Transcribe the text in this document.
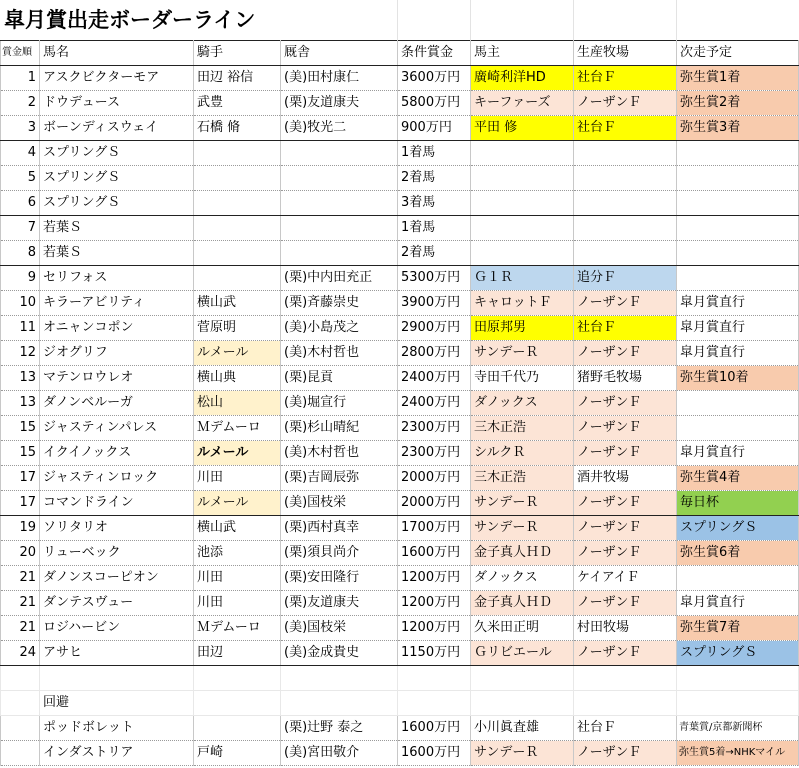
皐月賞出走ボーダーライン
賞金順	馬名	騎手	厩舎	条件賞金	馬主	生産牧場	次走予定
1	アスクビクターモア	田辺 裕信	(美)田村康仁	3600万円	廣崎利洋HD	社台Ｆ	弥生賞1着
2	ドウデュース	武豊	(栗)友道康夫	5800万円	キーファーズ	ノーザンＦ	弥生賞2着
3	ボーンディスウェイ	石橋 脩	(美)牧光二	900万円	平田 修	社台Ｆ	弥生賞3着
4	スプリングＳ			1着馬			
5	スプリングＳ			2着馬			
6	スプリングＳ			3着馬			
7	若葉Ｓ			1着馬			
8	若葉Ｓ			2着馬			
9	セリフォス		(栗)中内田充正	5300万円	Ｇ１Ｒ	追分Ｆ	
10	キラーアビリティ	横山武	(栗)斉藤崇史	3900万円	キャロットＦ	ノーザンＦ	皐月賞直行
11	オニャンコポン	菅原明	(美)小島茂之	2900万円	田原邦男	社台Ｆ	皐月賞直行
12	ジオグリフ	ルメール	(美)木村哲也	2800万円	サンデーＲ	ノーザンＦ	皐月賞直行
13	マテンロウレオ	横山典	(栗)昆貢	2400万円	寺田千代乃	猪野毛牧場	弥生賞10着
13	ダノンベルーガ	松山	(美)堀宣行	2400万円	ダノックス	ノーザンＦ	
15	ジャスティンパレス	Ｍデムーロ	(栗)杉山晴紀	2300万円	三木正浩	ノーザンＦ	
15	イクイノックス	ルメール	(美)木村哲也	2300万円	シルクＲ	ノーザンＦ	皐月賞直行
17	ジャスティンロック	川田	(栗)吉岡辰弥	2000万円	三木正浩	酒井牧場	弥生賞4着
17	コマンドライン	ルメール	(美)国枝栄	2000万円	サンデーＲ	ノーザンＦ	毎日杯
19	ソリタリオ	横山武	(栗)西村真幸	1700万円	サンデーＲ	ノーザンＦ	スプリングＳ
20	リューベック	池添	(栗)須貝尚介	1600万円	金子真人ＨＤ	ノーザンＦ	弥生賞6着
21	ダノンスコーピオン	川田	(栗)安田隆行	1200万円	ダノックス	ケイアイＦ	
21	ダンテスヴュー	川田	(栗)友道康夫	1200万円	金子真人ＨＤ	ノーザンＦ	皐月賞直行
21	ロジハービン	Ｍデムーロ	(美)国枝栄	1200万円	久米田正明	村田牧場	弥生賞7着
24	アサヒ	田辺	(美)金成貴史	1150万円	Ｇリビエール	ノーザンＦ	スプリングＳ

	回避						
	ポッドボレット		(栗)辻野 泰之	1600万円	小川眞査雄	社台Ｆ	青葉賞/京都新聞杯
	インダストリア	戸崎	(美)宮田敬介	1600万円	サンデーＲ	ノーザンＦ	弥生賞5着→NHKマイル
